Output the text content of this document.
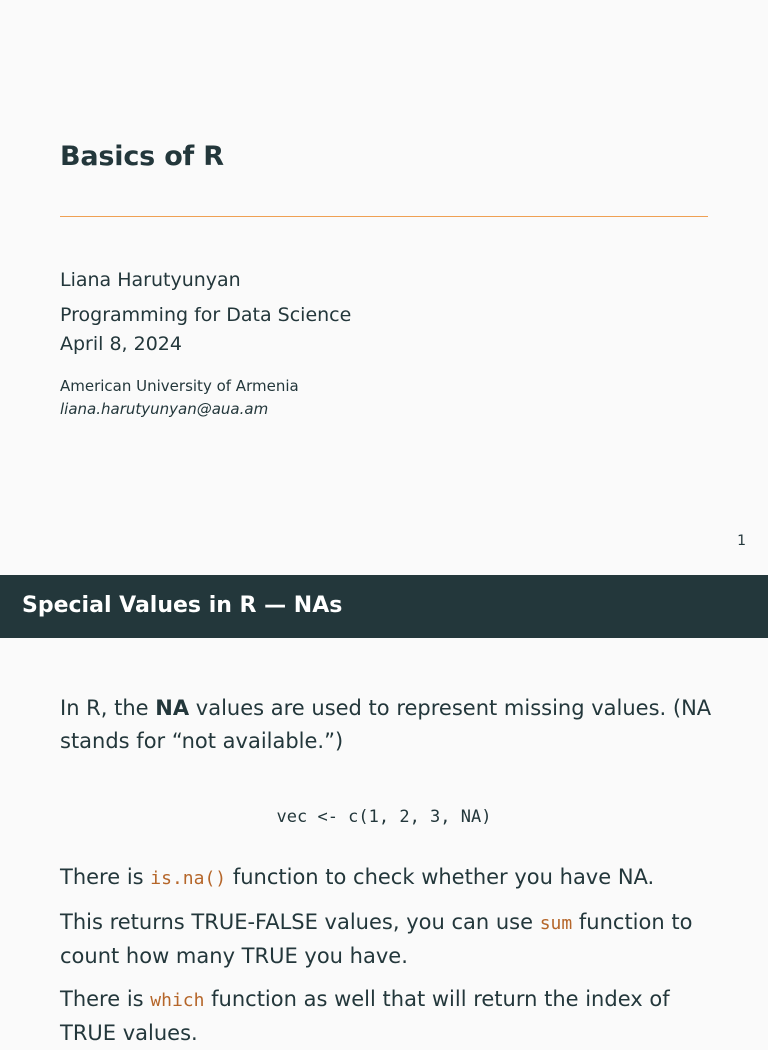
Basics of R
Liana Harutyunyan
Programming for Data Science
April 8, 2024
American University of Armenia
liana.harutyunyan@aua.am
1
Special Values in R — NAs
In R, the NA values are used to represent missing values. (NA stands for “not available.”)
vec <- c(1, 2, 3, NA)
There is is.na() function to check whether you have NA.
This returns TRUE-FALSE values, you can use sum function to count how many TRUE you have.
There is which function as well that will return the index of TRUE values.
